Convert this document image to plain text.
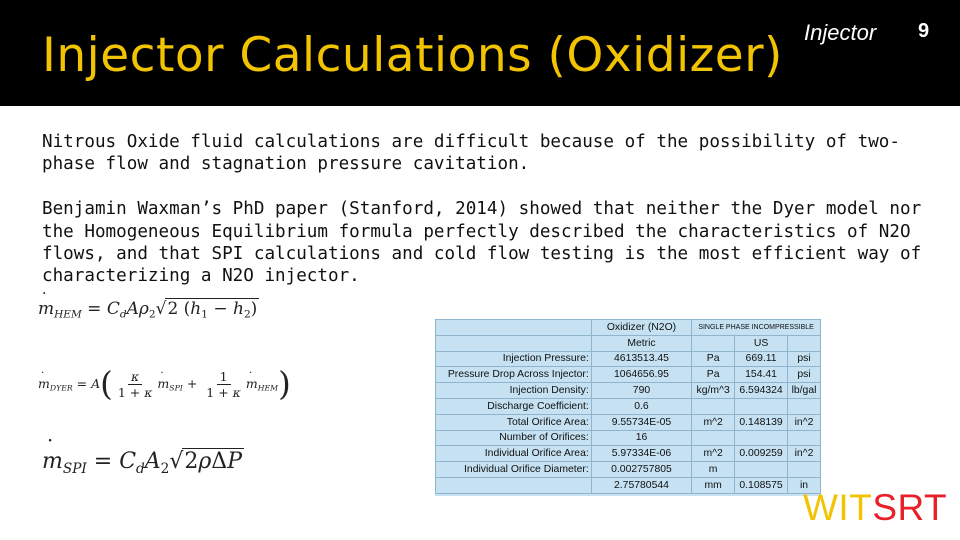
Injector Calculations (Oxidizer) Injector 9

Nitrous Oxide fluid calculations are difficult because of the possibility of two-phase flow and stagnation pressure cavitation.

Benjamin Waxman’s PhD paper (Stanford, 2014) showed that neither the Dyer model nor the Homogeneous Equilibrium formula perfectly described the characteristics of N2O flows, and that SPI calculations and cold flow testing is the most efficient way of characterizing a N2O injector.

˙ $m_{HEM} = C_dA\rho_2√2$ $(h_1 - h_2)$
˙ $m_{DYER} = A( \frac{\kappa}{1 + \kappa}$ ˙ $m_{SPI} + \frac{1}{1 + \kappa}$ ˙ $m_{HEM}$)
˙ $m_{SPI} = C_dA_2√2\rho\Delta P$
	Oxidizer (N2O)	SINGLE PHASE INCOMPRESSIBLE		
	Metric		US	
Injection Pressure:	4613513.45	Pa	669.11	psi
Pressure Drop Across Injector:	1064656.95	Pa	154.41	psi
Injection Density:	790	kg/m^3	6.594324	lb/gal
Discharge Coefficient:	0.6			
Total Orifice Area:	9.55734E-05	m^2	0.148139	in^2
Number of Orifices:	16			
Individual Orifice Area:	5.97334E-06	m^2	0.009259	in^2
Individual Orifice Diameter:	0.002757805	m		
	2.75780544	mm	0.108575	in
WITSRT
